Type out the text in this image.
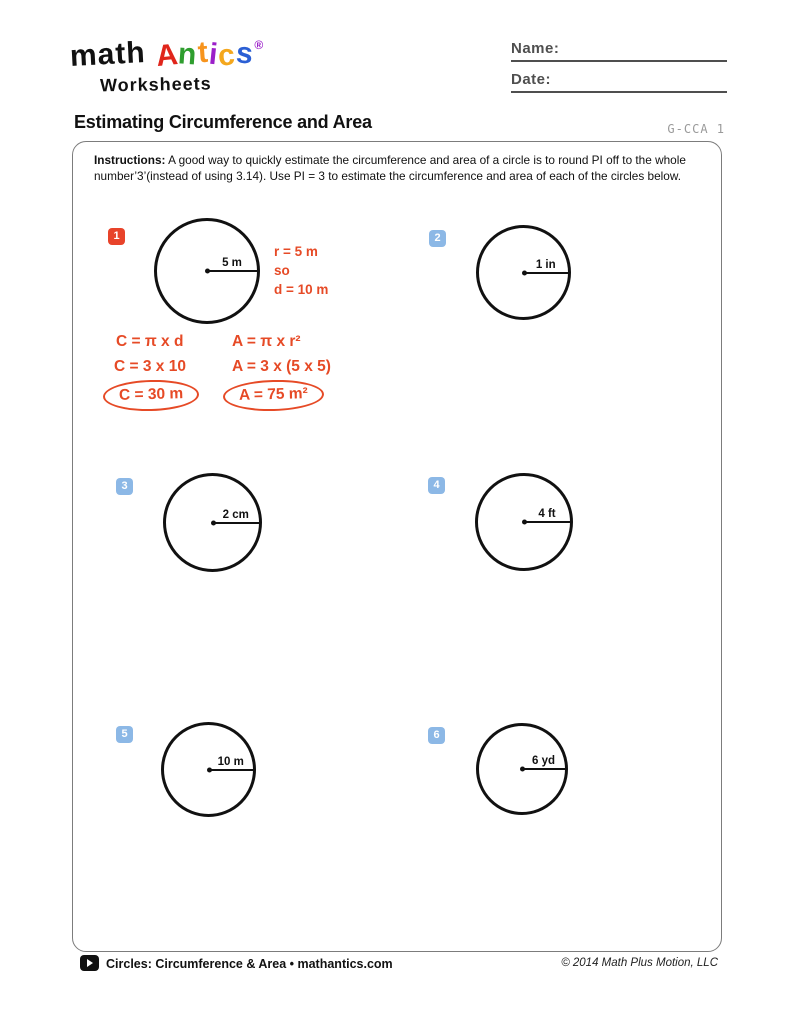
math Antics®
Worksheets
Name:
Date:
Estimating Circumference and Area	G-CCA 1
Instructions: A good way to quickly estimate the circumference and area of a circle is to round PI off to the whole number’3’(instead of using 3.14). Use PI = 3 to estimate the circumference and area of each of the circles below.
1
5 m
r = 5 m
so
d = 10 m
C = π x d
C = 3 x 10
C = 30 m
A = π x r²
A = 3 x (5 x 5)
A = 75 m²
2
1 in
3
2 cm
4
4 ft
5
10 m
6
6 yd
Circles: Circumference & Area • mathantics.com	© 2014 Math Plus Motion, LLC
